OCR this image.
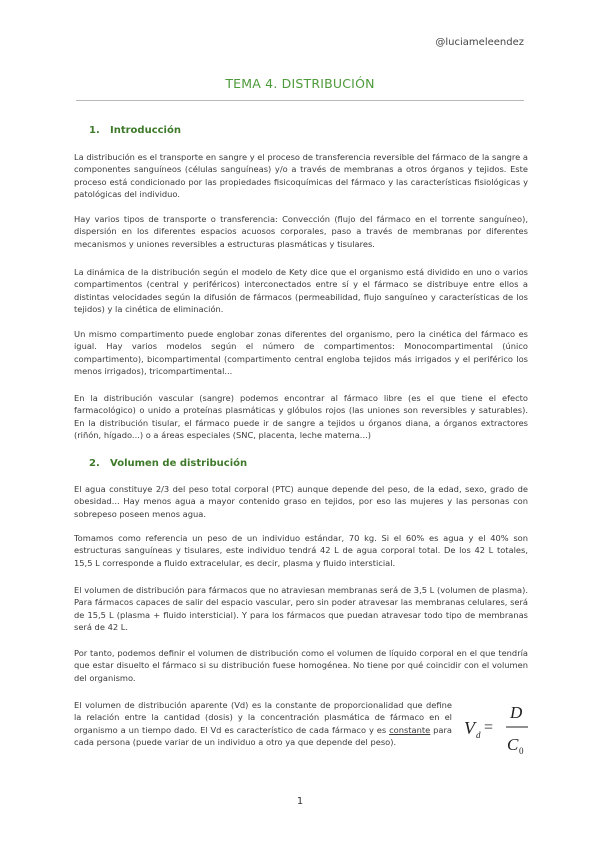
@luciameleendez
TEMA 4. DISTRIBUCIÓN
1. Introducción
La distribución es el transporte en sangre y el proceso de transferencia reversible del fármaco de la sangre a componentes sanguíneos (células sanguíneas) y/o a través de membranas a otros órganos y tejidos. Este proceso está condicionado por las propiedades fisicoquímicas del fármaco y las características fisiológicas y patológicas del individuo.
Hay varios tipos de transporte o transferencia: Convección (flujo del fármaco en el torrente sanguíneo), dispersión en los diferentes espacios acuosos corporales, paso a través de membranas por diferentes mecanismos y uniones reversibles a estructuras plasmáticas y tisulares.
La dinámica de la distribución según el modelo de Kety dice que el organismo está dividido en uno o varios compartimentos (central y periféricos) interconectados entre sí y el fármaco se distribuye entre ellos a distintas velocidades según la difusión de fármacos (permeabilidad, flujo sanguíneo y características de los tejidos) y la cinética de eliminación.
Un mismo compartimento puede englobar zonas diferentes del organismo, pero la cinética del fármaco es igual. Hay varios modelos según el número de compartimentos: Monocompartimental (único compartimento), bicompartimental (compartimento central engloba tejidos más irrigados y el periférico los menos irrigados), tricompartimental...
En la distribución vascular (sangre) podemos encontrar al fármaco libre (es el que tiene el efecto farmacológico) o unido a proteínas plasmáticas y glóbulos rojos (las uniones son reversibles y saturables). En la distribución tisular, el fármaco puede ir de sangre a tejidos u órganos diana, a órganos extractores (riñón, hígado...) o a áreas especiales (SNC, placenta, leche materna...)
2. Volumen de distribución
El agua constituye 2/3 del peso total corporal (PTC) aunque depende del peso, de la edad, sexo, grado de obesidad... Hay menos agua a mayor contenido graso en tejidos, por eso las mujeres y las personas con sobrepeso poseen menos agua.
Tomamos como referencia un peso de un individuo estándar, 70 kg. Si el 60% es agua y el 40% son estructuras sanguíneas y tisulares, este individuo tendrá 42 L de agua corporal total. De los 42 L totales, 15,5 L corresponde a fluido extracelular, es decir, plasma y fluido intersticial.
El volumen de distribución para fármacos que no atraviesan membranas será de 3,5 L (volumen de plasma). Para fármacos capaces de salir del espacio vascular, pero sin poder atravesar las membranas celulares, será de 15,5 L (plasma + fluido intersticial). Y para los fármacos que puedan atravesar todo tipo de membranas será de 42 L.
Por tanto, podemos definir el volumen de distribución como el volumen de líquido corporal en el que tendría que estar disuelto el fármaco si su distribución fuese homogénea. No tiene por qué coincidir con el volumen del organismo.
El volumen de distribución aparente (Vd) es la constante de proporcionalidad que define la relación entre la cantidad (dosis) y la concentración plasmática de fármaco en el organismo a un tiempo dado. El Vd es característico de cada fármaco y es constante para cada persona (puede variar de un individuo a otro ya que depende del peso).
V d =
D
C 0
1
